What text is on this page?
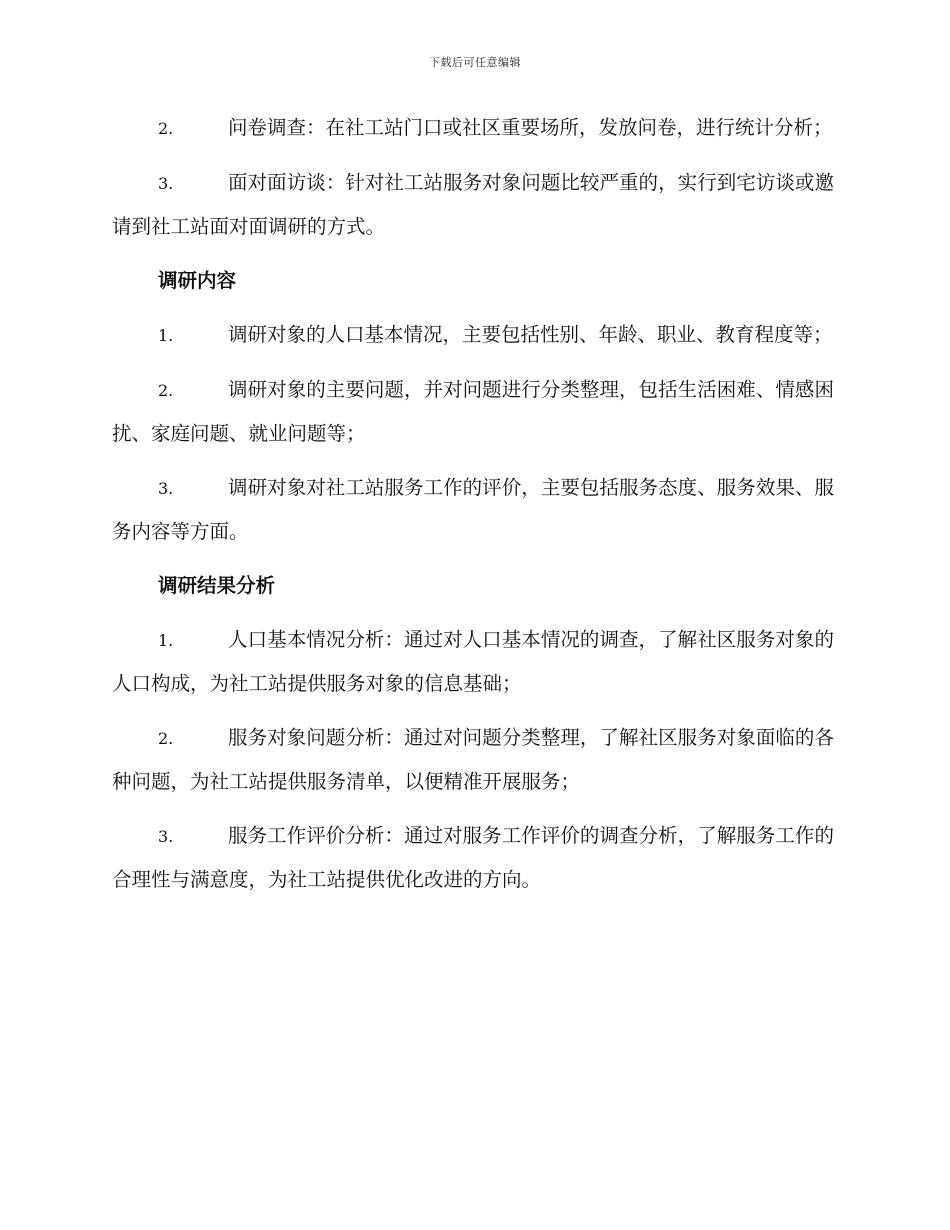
下载后可任意编辑

2.	问卷调查：在社工站门口或社区重要场所，发放问卷，进行统计分析；

3.	面对面访谈：针对社工站服务对象问题比较严重的，实行到宅访谈或邀请到社工站面对面调研的方式。

调研内容

1.	调研对象的人口基本情况，主要包括性别、年龄、职业、教育程度等；

2.	调研对象的主要问题，并对问题进行分类整理，包括生活困难、情感困扰、家庭问题、就业问题等；

3.	调研对象对社工站服务工作的评价，主要包括服务态度、服务效果、服务内容等方面。

调研结果分析

1.	人口基本情况分析：通过对人口基本情况的调查，了解社区服务对象的人口构成，为社工站提供服务对象的信息基础；

2.	服务对象问题分析：通过对问题分类整理，了解社区服务对象面临的各种问题，为社工站提供服务清单，以便精准开展服务；

3.	服务工作评价分析：通过对服务工作评价的调查分析，了解服务工作的合理性与满意度，为社工站提供优化改进的方向。
